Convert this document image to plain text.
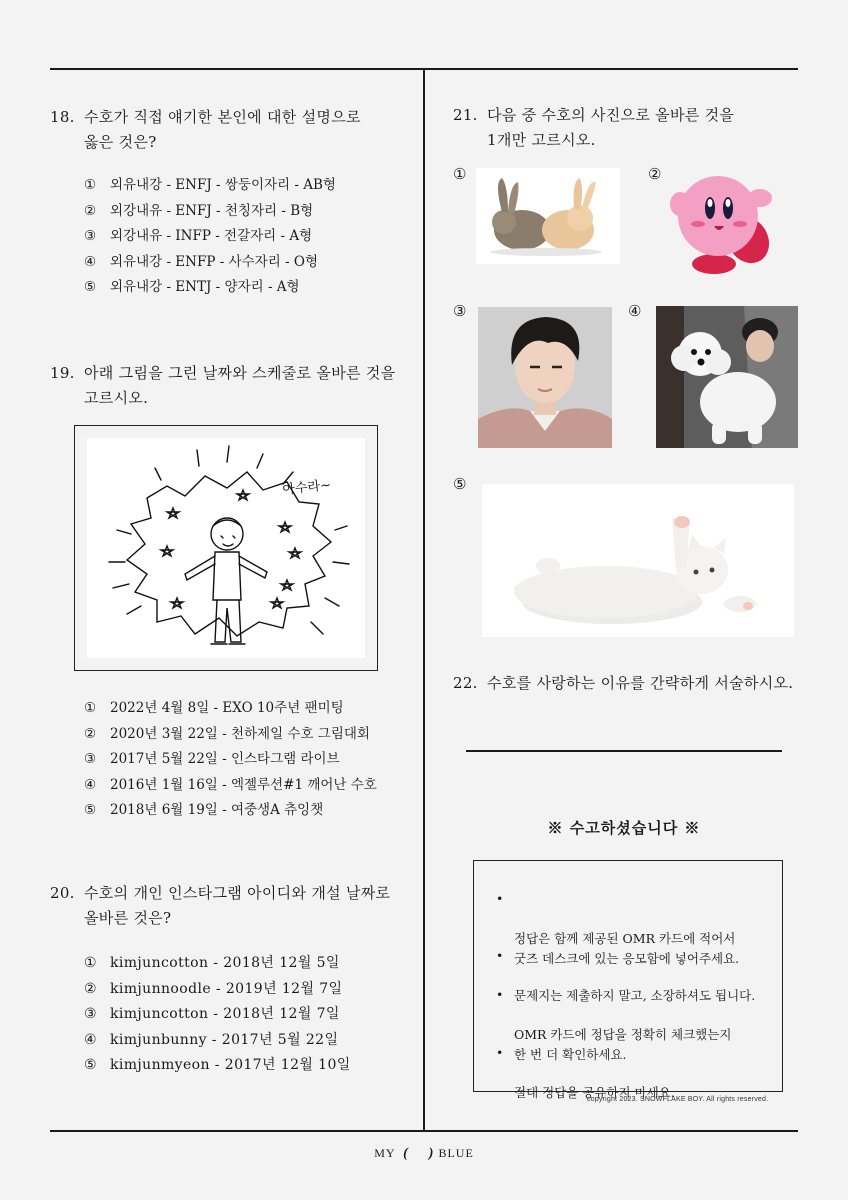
18. 수호가 직접 얘기한 본인에 대한 설명으로
옳은 것은?
① 외유내강 - ENFJ - 쌍둥이자리 - AB형
② 외강내유 - ENFJ - 천칭자리 - B형
③ 외강내유 - INFP - 전갈자리 - A형
④ 외유내강 - ENFP - 사수자리 - O형
⑤ 외유내강 - ENTJ - 양자리 - A형
19. 아래 그림을 그린 날짜와 스케줄로 올바른 것을
고르시오.
아수라~
① 2022년 4월 8일 - EXO 10주년 팬미팅
② 2020년 3월 22일 - 천하제일 수호 그림대회
③ 2017년 5월 22일 - 인스타그램 라이브
④ 2016년 1월 16일 - 엑젤루션#1 깨어난 수호
⑤ 2018년 6월 19일 - 여중생A 츄잉챗
20. 수호의 개인 인스타그램 아이디와 개설 날짜로
올바른 것은?
① kimjuncotton - 2018년 12월 5일
② kimjunnoodle - 2019년 12월 7일
③ kimjuncotton - 2018년 12월 7일
④ kimjunbunny - 2017년 5월 22일
⑤ kimjunmyeon - 2017년 12월 10일
21. 다음 중 수호의 사진으로 올바른 것을
1개만 고르시오.
①	②
③	④
⑤
22. 수호를 사랑하는 이유를 간략하게 서술하시오.
※ 수고하셨습니다 ※

•

정답은 함께 제공된 OMR 카드에 적어서
굿즈 데스크에 있는 응모함에 넣어주세요.

•

문제지는 제출하지 말고, 소장하셔도 됩니다.

•

OMR 카드에 정답을 정확히 체크했는지
한 번 더 확인하세요.

•

절대 정답을 공유하지 마세요.

copyright 2023. SNOWFLAKE BOY. All rights reserved.
MY ( ) BLUE
